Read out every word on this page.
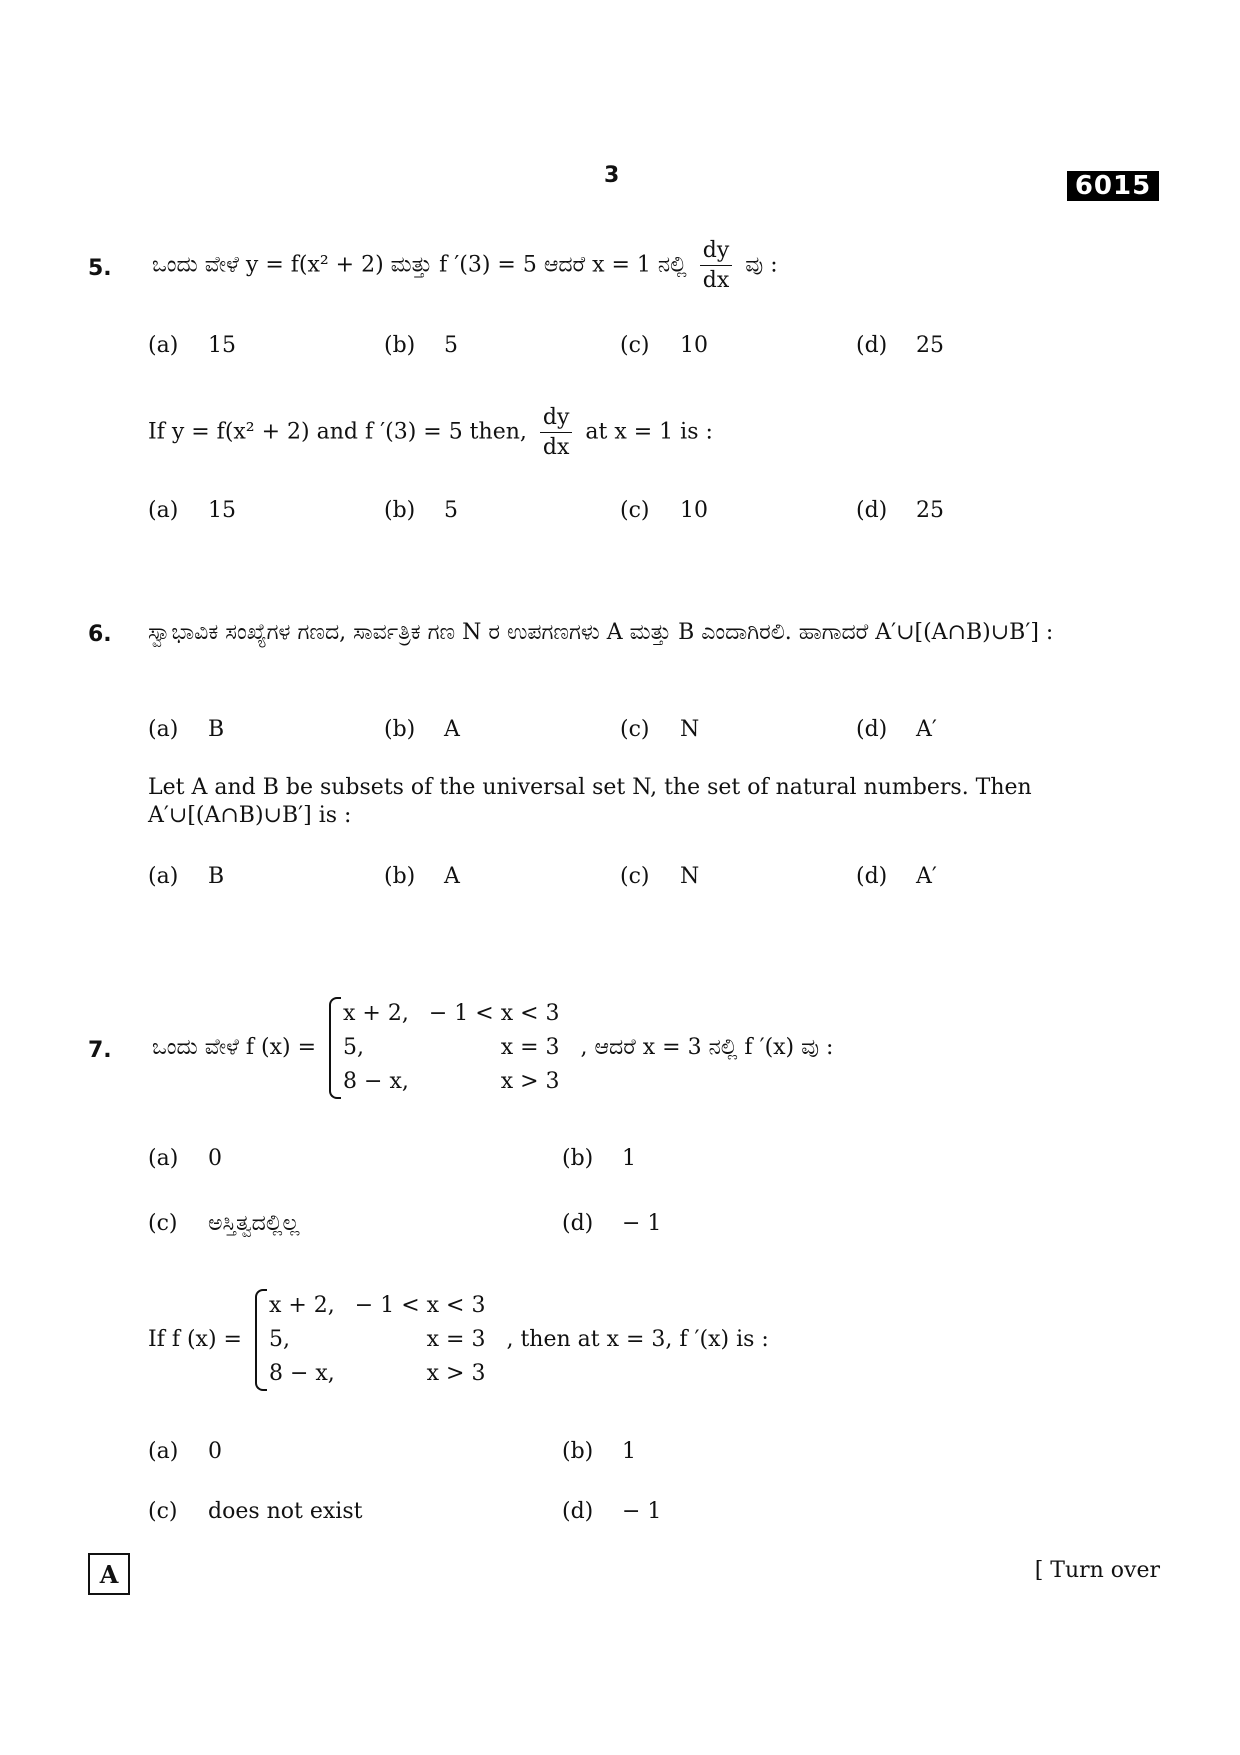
3	6015
5. ಒಂದು ವೇಳೆ y = f(x² + 2) ಮತ್ತು f ′(3) = 5 ಆದರೆ x = 1 ನಲ್ಲಿ $\frac{dy}{dx}$ ವು :
(a) 15	(b) 5	(c) 10	(d) 25
If y = f(x² + 2) and f ′(3) = 5 then, $\frac{dy}{dx}$ at x = 1 is :
(a) 15	(b) 5	(c) 10	(d) 25
6. ಸ್ವಾಭಾವಿಕ ಸಂಖ್ಯೆಗಳ ಗಣದ, ಸಾರ್ವತ್ರಿಕ ಗಣ N ರ ಉಪಗಣಗಳು A ಮತ್ತು B ಎಂದಾಗಿರಲಿ. ಹಾಗಾದರೆ A′∪[(A∩B)∪B′] :
(a) B	(b) A	(c) N	(d) A′
Let A and B be subsets of the universal set N, the set of natural numbers. Then A′∪[(A∩B)∪B′] is :
(a) B	(b) A	(c) N	(d) A′
7. ಒಂದು ವೇಳೆ f (x) =
x + 2,	− 1 < x < 3
5,	x = 3
8 − x,	x > 3
, ಆದರೆ x = 3 ನಲ್ಲಿ f ′(x) ವು :
(a) 0	(b) 1
(c) ಅಸ್ತಿತ್ವದಲ್ಲಿಲ್ಲ	(d) − 1
If f (x) =
x + 2,	− 1 < x < 3
5,	x = 3
8 − x,	x > 3
, then at x = 3, f ′(x) is :
(a) 0	(b) 1
(c) does not exist	(d) − 1
A	[ Turn over
